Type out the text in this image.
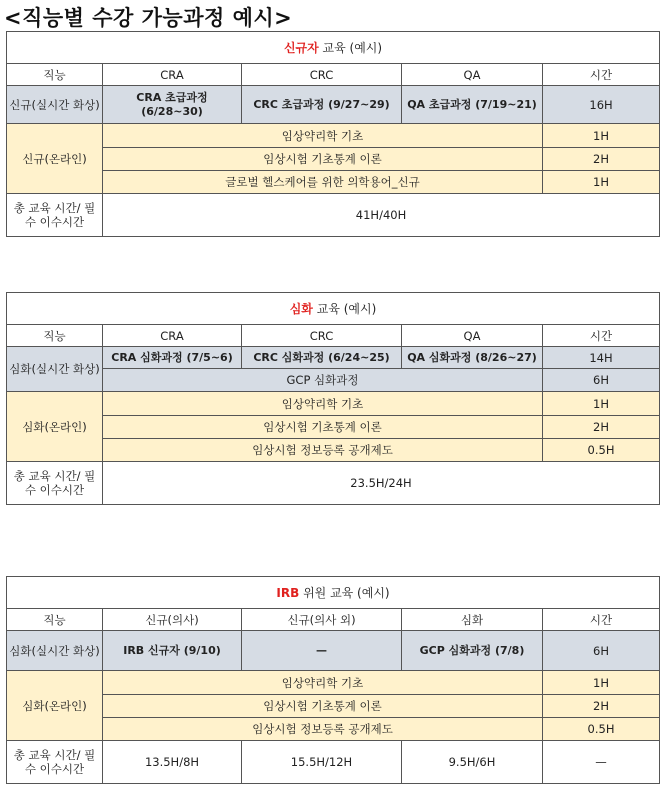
<직능별 수강 가능과정 예시>
신규자 교육 (예시)				
직능	CRA	CRC	QA	시간
신규(실시간 화상)	CRA 초급과정 (6/28~30)	CRC 초급과정 (9/27~29)	QA 초급과정 (7/19~21)	16H
신규(온라인)	임상약리학 기초			1H
	임상시험 기초통계 이론			2H
	글로벌 헬스케어를 위한 의학용어_신규			1H
총 교육 시간/ 필수 이수시간	41H/40H			
심화 교육 (예시)				
직능	CRA	CRC	QA	시간
심화(실시간 화상)	CRA 심화과정 (7/5~6)	CRC 심화과정 (6/24~25)	QA 심화과정 (8/26~27)	14H
	GCP 심화과정			6H
심화(온라인)	임상약리학 기초			1H
	임상시험 기초통계 이론			2H
	임상시험 정보등록 공개제도			0.5H
총 교육 시간/ 필수 이수시간	23.5H/24H			
IRB 위원 교육 (예시)				
직능	신규(의사)	신규(의사 외)	심화	시간
심화(실시간 화상)	IRB 신규자 (9/10)	—	GCP 심화과정 (7/8)	6H
심화(온라인)	임상약리학 기초			1H
	임상시험 기초통계 이론			2H
	임상시험 정보등록 공개제도			0.5H
총 교육 시간/ 필수 이수시간	13.5H/8H	15.5H/12H	9.5H/6H	—
